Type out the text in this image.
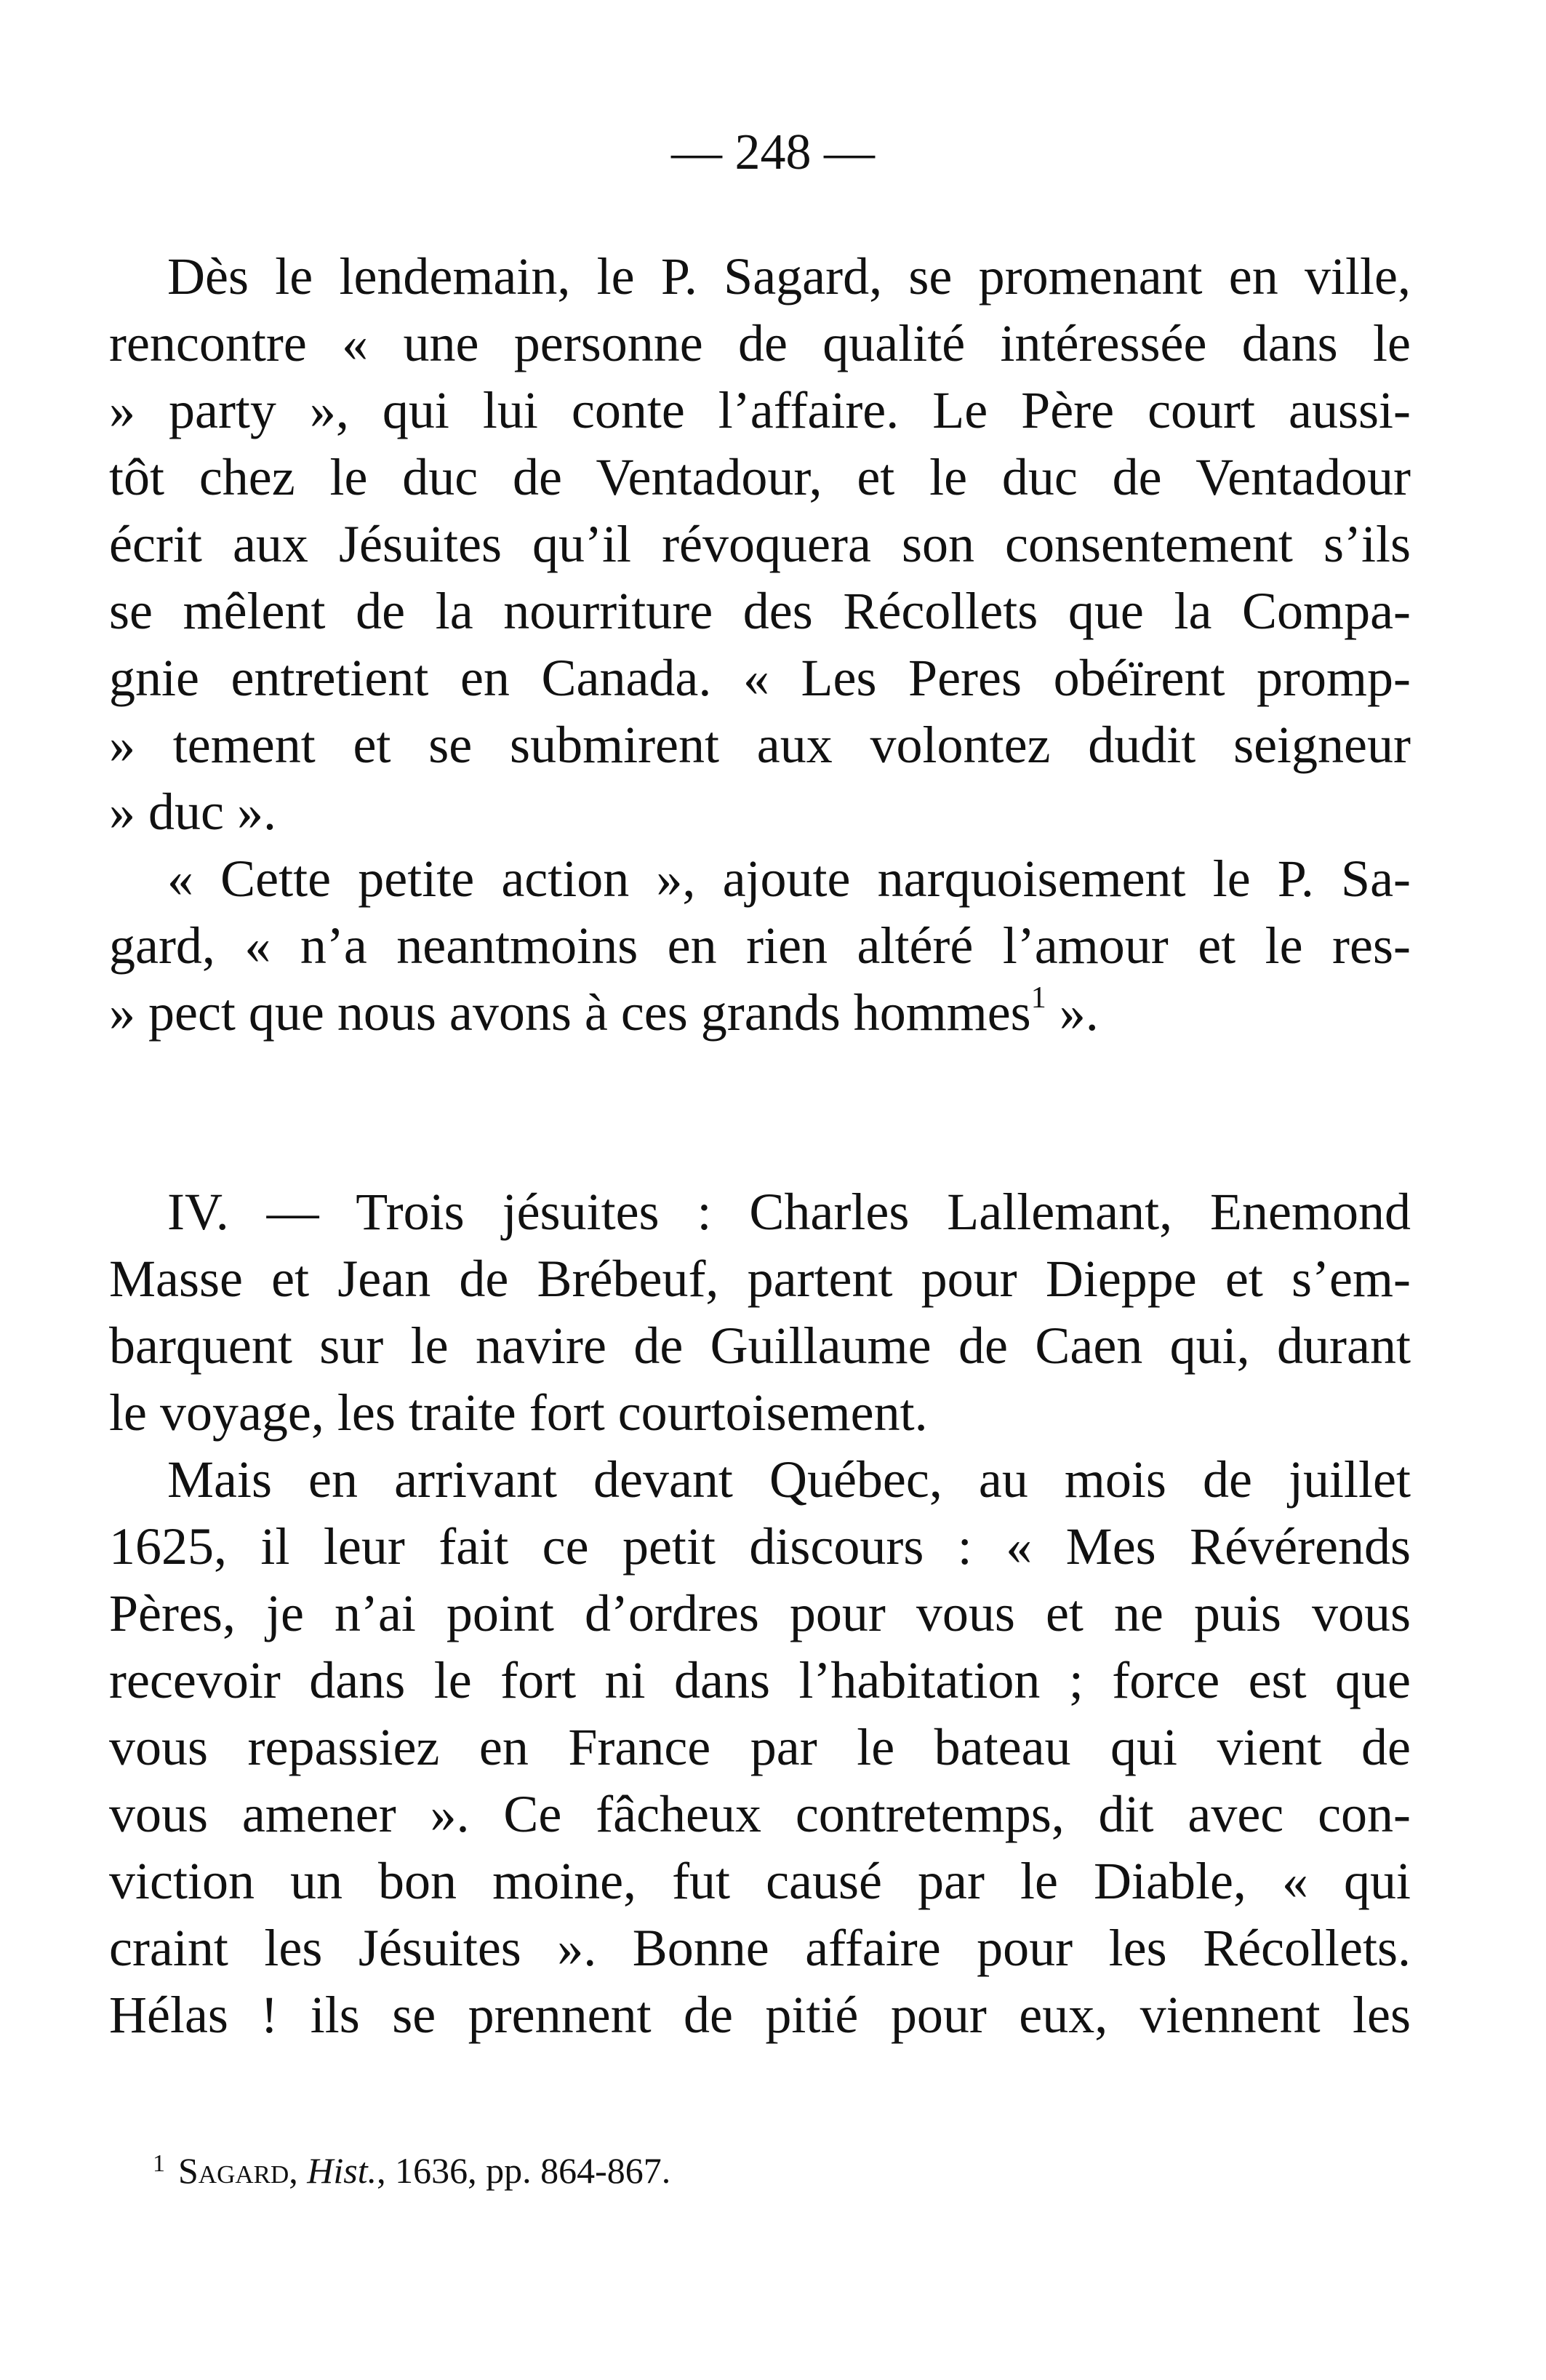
— 248 —
Dès le lendemain, le P. Sagard, se promenant en ville,
rencontre « une personne de qualité intéressée dans le
» party », qui lui conte l’affaire. Le Père court aussi-
tôt chez le duc de Ventadour, et le duc de Ventadour
écrit aux Jésuites qu’il révoquera son consentement s’ils
se mêlent de la nourriture des Récollets que la Compa-
gnie entretient en Canada. « Les Peres obéïrent promp-
» tement et se submirent aux volontez dudit seigneur
» duc ».
« Cette petite action », ajoute narquoisement le P. Sa-
gard, « n’a neantmoins en rien altéré l’amour et le res-
» pect que nous avons à ces grands hommes$^1$ ».
IV. — Trois jésuites : Charles Lallemant, Enemond
Masse et Jean de Brébeuf, partent pour Dieppe et s’em-
barquent sur le navire de Guillaume de Caen qui, durant
le voyage, les traite fort courtoisement.
Mais en arrivant devant Québec, au mois de juillet
1625, il leur fait ce petit discours : « Mes Révérends
Pères, je n’ai point d’ordres pour vous et ne puis vous
recevoir dans le fort ni dans l’habitation ; force est que
vous repassiez en France par le bateau qui vient de
vous amener ». Ce fâcheux contretemps, dit avec con-
viction un bon moine, fut causé par le Diable, « qui
craint les Jésuites ». Bonne affaire pour les Récollets.
Hélas ! ils se prennent de pitié pour eux, viennent les
$^1$ Sagard, Hist., 1636, pp. 864-867.
